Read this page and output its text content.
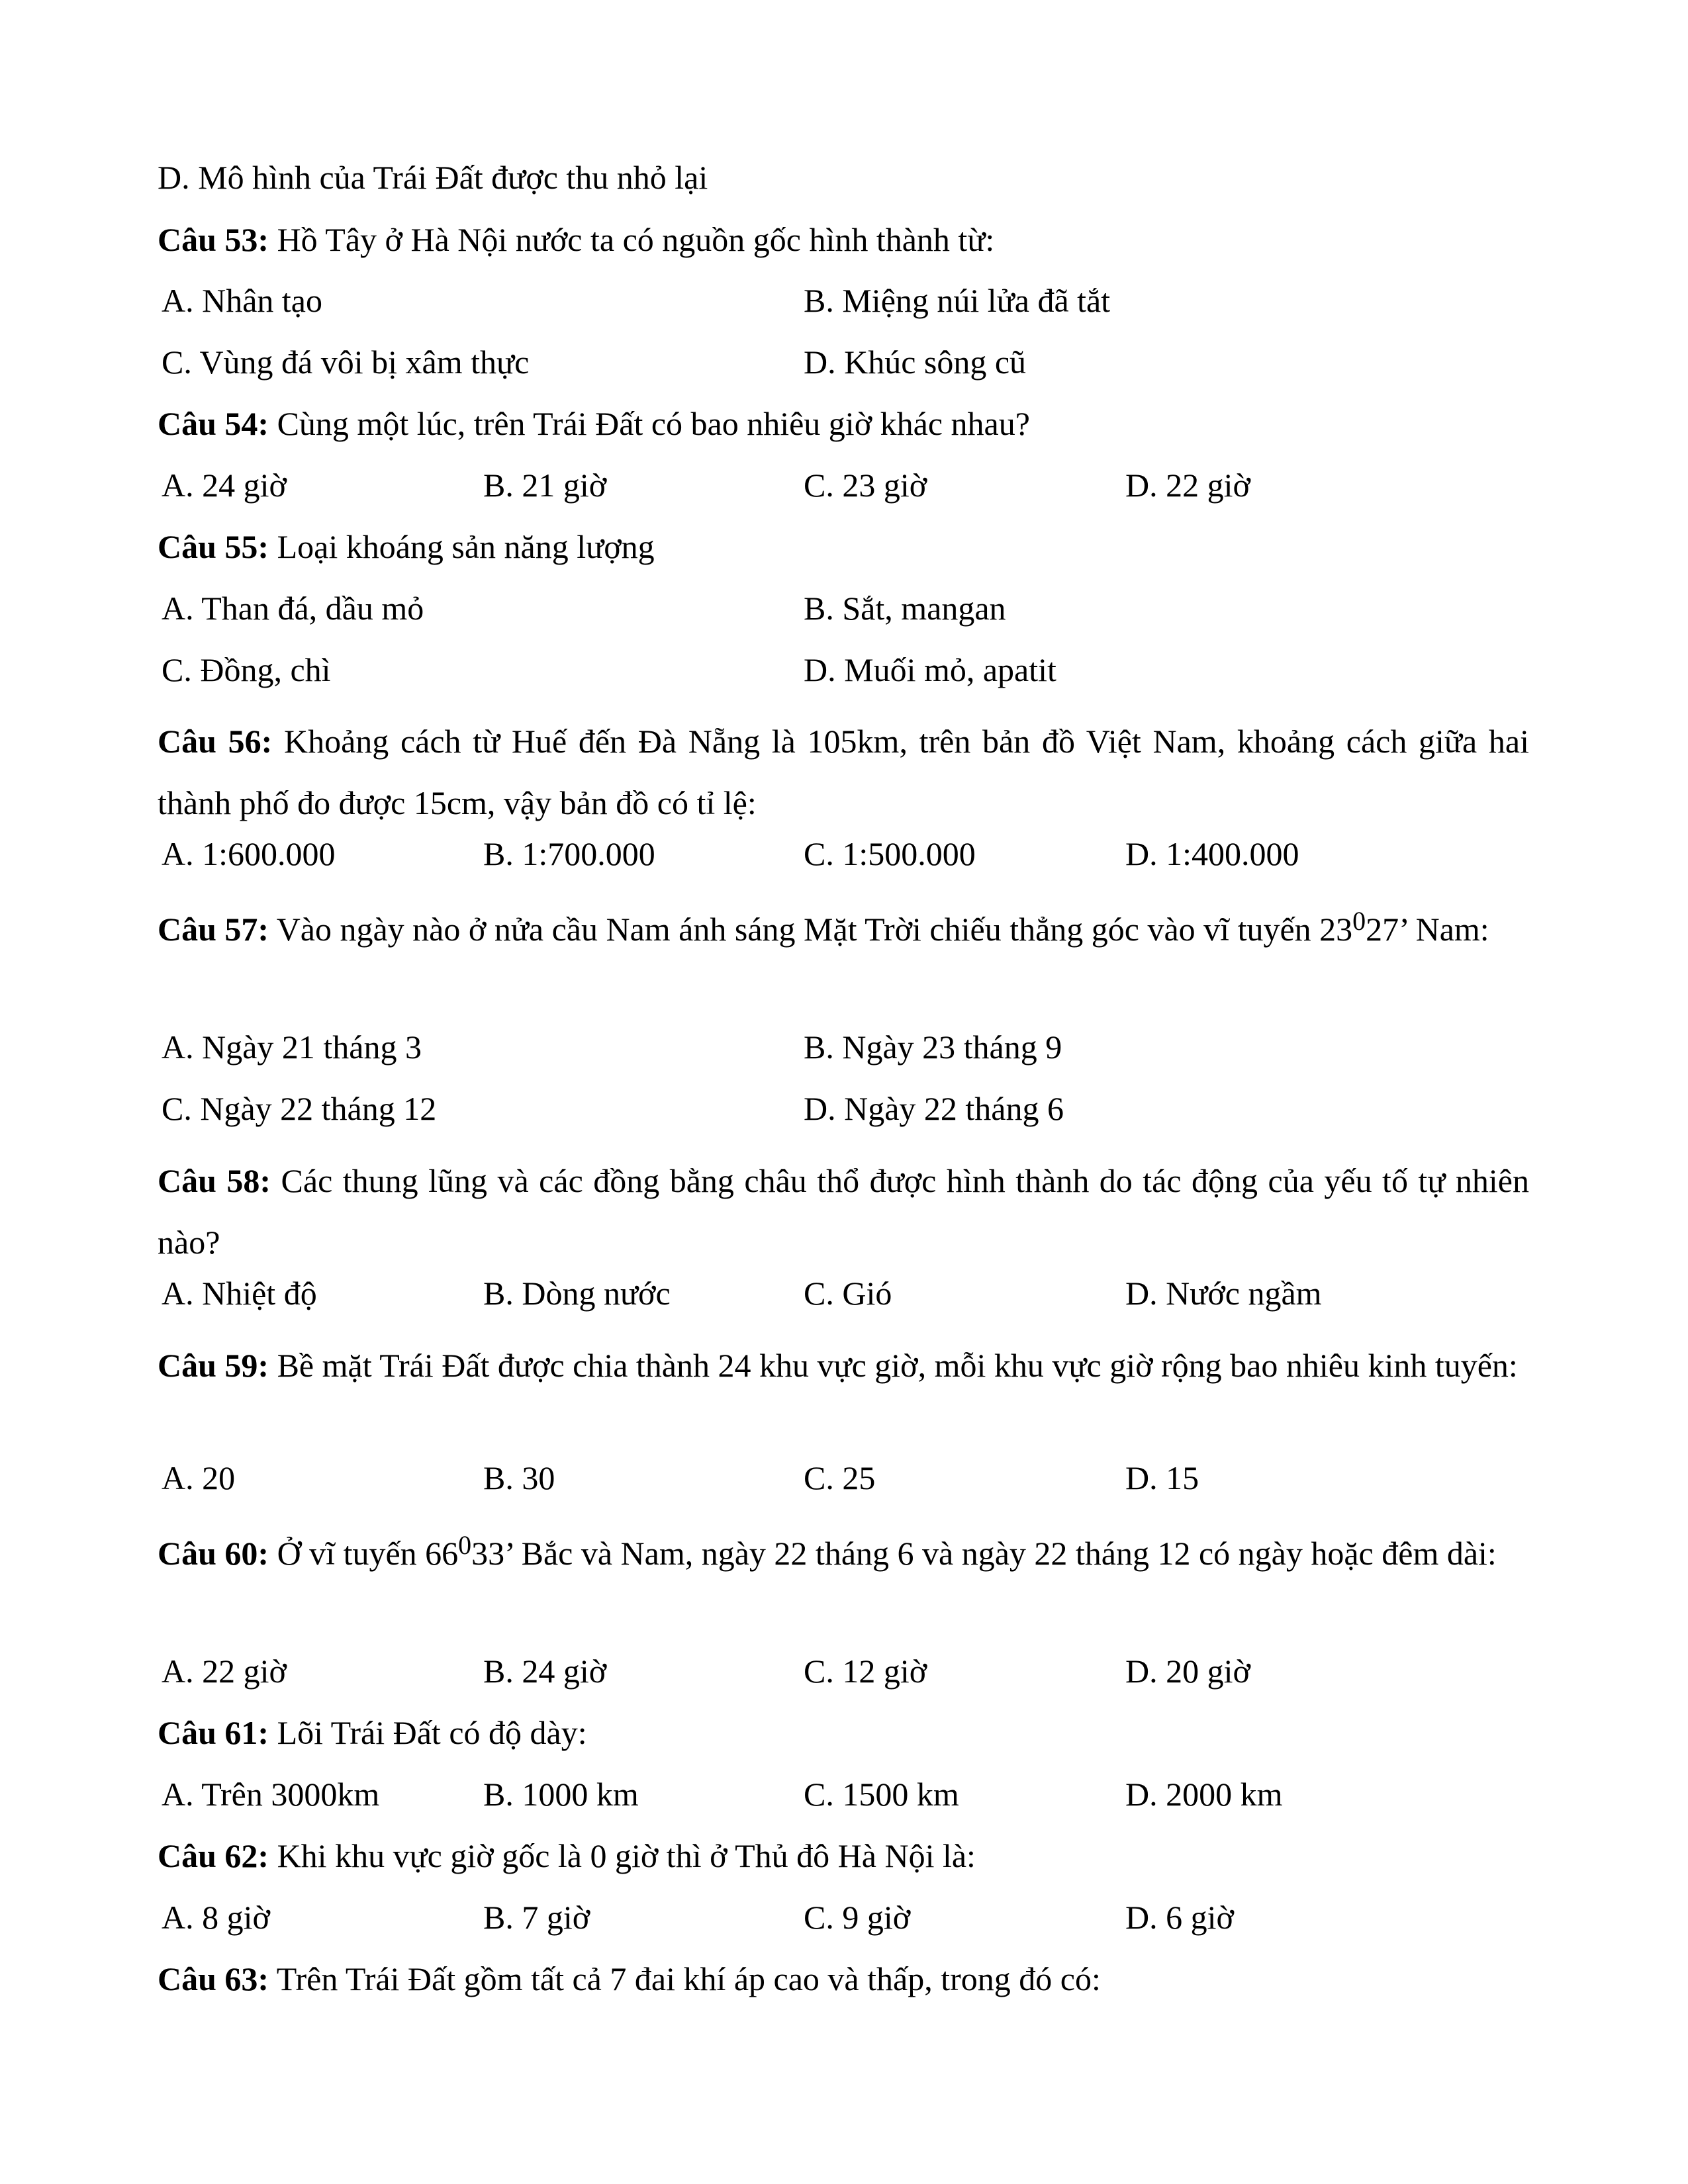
D. Mô hình của Trái Đất được thu nhỏ lại
Câu 53: Hồ Tây ở Hà Nội nước ta có nguồn gốc hình thành từ:
A. Nhân tạo	B. Miệng núi lửa đã tắt
C. Vùng đá vôi bị xâm thực	D. Khúc sông cũ
Câu 54: Cùng một lúc, trên Trái Đất có bao nhiêu giờ khác nhau?
A. 24 giờ	B. 21 giờ	C. 23 giờ	D. 22 giờ
Câu 55: Loại khoáng sản năng lượng
A. Than đá, dầu mỏ	B. Sắt, mangan
C. Đồng, chì	D. Muối mỏ, apatit
Câu 56: Khoảng cách từ Huế đến Đà Nẵng là 105km, trên bản đồ Việt Nam, khoảng cách giữa hai thành phố đo được 15cm, vậy bản đồ có tỉ lệ:
A. 1:600.000	B. 1:700.000	C. 1:500.000	D. 1:400.000
Câu 57: Vào ngày nào ở nửa cầu Nam ánh sáng Mặt Trời chiếu thẳng góc vào vĩ tuyến $23^027$’ Nam:
A. Ngày 21 tháng 3	B. Ngày 23 tháng 9
C. Ngày 22 tháng 12	D. Ngày 22 tháng 6
Câu 58: Các thung lũng và các đồng bằng châu thổ được hình thành do tác động của yếu tố tự nhiên nào?
A. Nhiệt độ	B. Dòng nước	C. Gió	D. Nước ngầm
Câu 59: Bề mặt Trái Đất được chia thành 24 khu vực giờ, mỗi khu vực giờ rộng bao nhiêu kinh tuyến:
A. 20	B. 30	C. 25	D. 15
Câu 60: Ở vĩ tuyến $66^033$’ Bắc và Nam, ngày 22 tháng 6 và ngày 22 tháng 12 có ngày hoặc đêm dài:
A. 22 giờ	B. 24 giờ	C. 12 giờ	D. 20 giờ
Câu 61: Lõi Trái Đất có độ dày:
A. Trên 3000km	B. 1000 km	C. 1500 km	D. 2000 km
Câu 62: Khi khu vực giờ gốc là 0 giờ thì ở Thủ đô Hà Nội là:
A. 8 giờ	B. 7 giờ	C. 9 giờ	D. 6 giờ
Câu 63: Trên Trái Đất gồm tất cả 7 đai khí áp cao và thấp, trong đó có:
